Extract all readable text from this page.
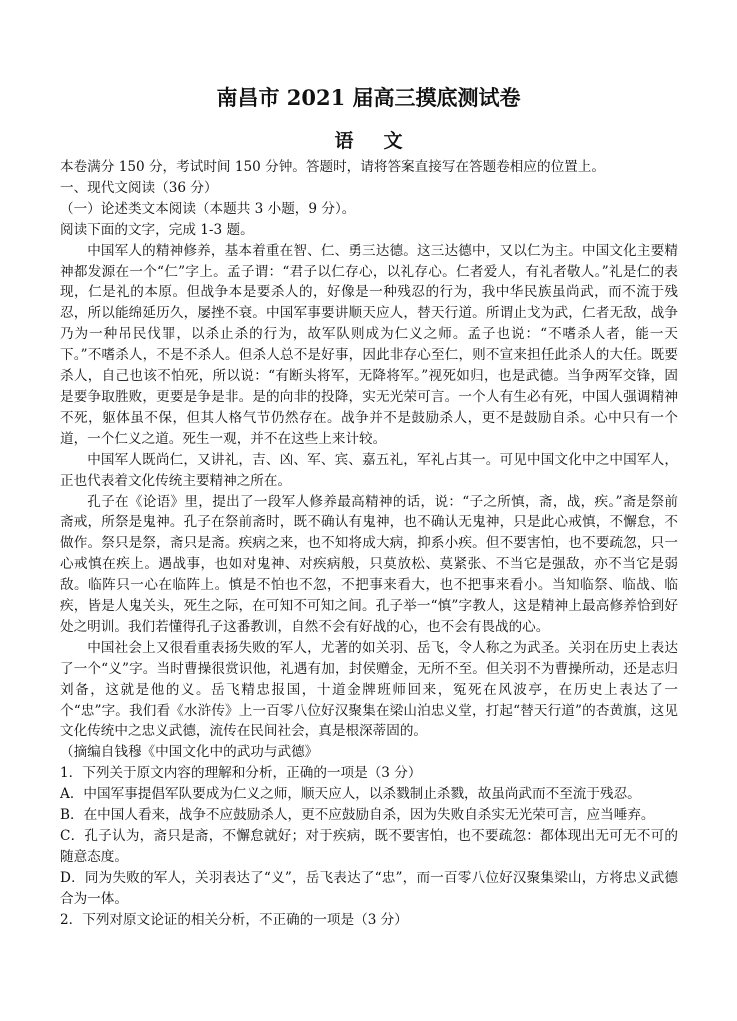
南昌市 2021 届高三摸底测试卷
语文

本卷满分 150 分，考试时间 150 分钟。答题时，请将答案直接写在答题卷相应的位置上。

一、现代文阅读（36 分）

（一）论述类文本阅读（本题共 3 小题，9 分）。

阅读下面的文字，完成 1-3 题。

中国军人的精神修养，基本着重在智、仁、勇三达德。这三达德中，又以仁为主。中国文化主要精神都发源在一个“仁”字上。孟子谓：“君子以仁存心，以礼存心。仁者爱人，有礼者敬人。”礼是仁的表现，仁是礼的本原。但战争本是要杀人的，好像是一种残忍的行为，我中华民族虽尚武，而不流于残忍，所以能绵延历久，屡挫不衰。中国军事要讲顺天应人，替天行道。所谓止戈为武，仁者无敌，战争乃为一种吊民伐罪，以杀止杀的行为，故军队则成为仁义之师。孟子也说：“不嗜杀人者，能一天下。”不嗜杀人，不是不杀人。但杀人总不是好事，因此非存心至仁，则不宣来担任此杀人的大任。既要杀人，自己也该不怕死，所以说：“有断头将军，无降将军。”视死如归，也是武德。当争两军交锋，固是要争取胜败，更要是争是非。是的向非的投降，实无光荣可言。一个人有生必有死，中国人强调精神不死，躯体虽不保，但其人格气节仍然存在。战争并不是鼓励杀人，更不是鼓励自杀。心中只有一个道，一个仁义之道。死生一观，并不在这些上来计较。

中国军人既尚仁，又讲礼，吉、凶、军、宾、嘉五礼，军礼占其一。可见中国文化中之中国军人，正也代表着文化传统主要精神之所在。

孔子在《论语》里，提出了一段军人修养最高精神的话，说：“子之所慎，斋，战，疾。”斋是祭前斋戒，所祭是鬼神。孔子在祭前斋时，既不确认有鬼神，也不确认无鬼神，只是此心戒慎，不懈怠，不做作。祭只是祭，斋只是斋。疾病之来，也不知将成大病，抑系小疾。但不要害怕，也不要疏忽，只一心戒慎在疾上。遇战事，也如对鬼神、对疾病般，只莫放松、莫紧张、不当它是强敌，亦不当它是弱敌。临阵只一心在临阵上。慎是不怕也不忽，不把事来看大，也不把事来看小。当知临祭、临战、临疾，皆是人鬼关头，死生之际，在可知不可知之间。孔子举一“慎”字教人，这是精神上最高修养恰到好处之明训。我们若懂得孔子这番教训，自然不会有好战的心，也不会有畏战的心。

中国社会上又很看重表扬失败的军人，尤著的如关羽、岳飞，令人称之为武圣。关羽在历史上表达了一个“义”字。当时曹操很赏识他，礼遇有加，封侯赠金，无所不至。但关羽不为曹操所动，还是志归刘备，这就是他的义。岳飞精忠报国，十道金牌班师回来，冤死在风波亭，在历史上表达了一个“忠”字。我们看《水浒传》上一百零八位好汉聚集在梁山泊忠义堂，打起“替天行道”的杏黄旗，这见文化传统中之忠义武德，流传在民间社会，真是根深蒂固的。

（摘编自钱穆《中国文化中的武功与武德》

1．下列关于原文内容的理解和分析，正确的一项是（3 分）

A．中国军事提倡军队要成为仁义之师，顺天应人，以杀戮制止杀戮，故虽尚武而不至流于残忍。

B．在中国人看来，战争不应鼓励杀人，更不应鼓励自杀，因为失败自杀实无光荣可言，应当唾弃。

C．孔子认为，斋只是斋，不懈怠就好；对于疾病，既不要害怕，也不要疏忽：都体现出无可无不可的随意态度。

D．同为失败的军人，关羽表达了“义”，岳飞表达了“忠”，而一百零八位好汉聚集梁山，方将忠义武德合为一体。

2．下列对原文论证的相关分析，不正确的一项是（3 分）
